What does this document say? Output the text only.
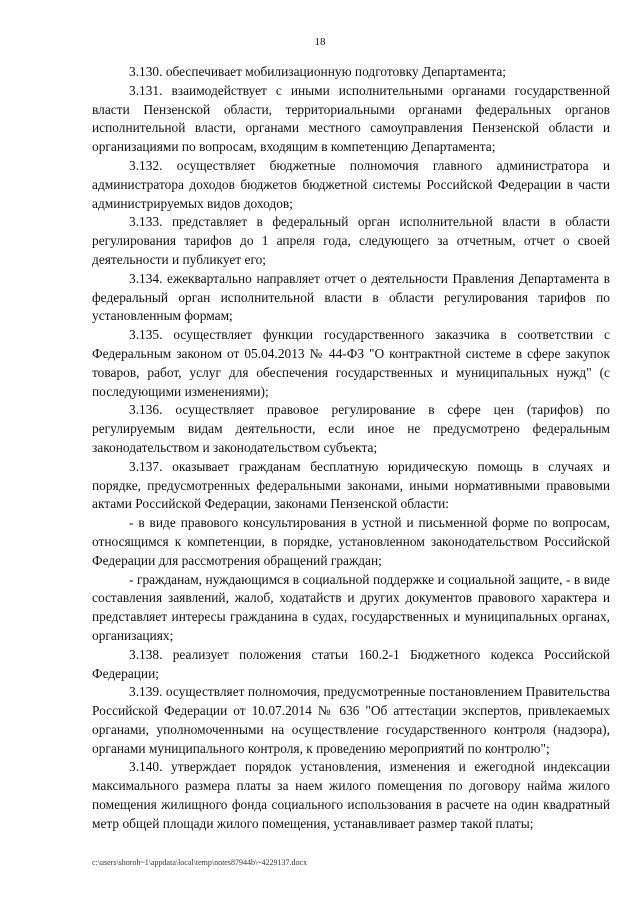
18

3.130. обеспечивает мобилизационную подготовку Департамента;

3.131. взаимодействует с иными исполнительными органами государственной власти Пензенской области, территориальными органами федеральных органов исполнительной власти, органами местного самоуправления Пензенской области и организациями по вопросам, входящим в компетенцию Департамента;

3.132. осуществляет бюджетные полномочия главного администратора и администратора доходов бюджетов бюджетной системы Российской Федерации в части администрируемых видов доходов;

3.133. представляет в федеральный орган исполнительной власти в области регулирования тарифов до 1 апреля года, следующего за отчетным, отчет о своей деятельности и публикует его;

3.134. ежеквартально направляет отчет о деятельности Правления Департамента в федеральный орган исполнительной власти в области регулирования тарифов по установленным формам;

3.135. осуществляет функции государственного заказчика в соответствии с Федеральным законом от 05.04.2013 № 44-ФЗ "О контрактной системе в сфере закупок товаров, работ, услуг для обеспечения государственных и муниципальных нужд" (с последующими изменениями);

3.136. осуществляет правовое регулирование в сфере цен (тарифов) по регулируемым видам деятельности, если иное не предусмотрено федеральным законодательством и законодательством субъекта;

3.137. оказывает гражданам бесплатную юридическую помощь в случаях и порядке, предусмотренных федеральными законами, иными нормативными правовыми актами Российской Федерации, законами Пензенской области:

- в виде правового консультирования в устной и письменной форме по вопросам, относящимся к компетенции, в порядке, установленном законодательством Российской Федерации для рассмотрения обращений граждан;

- гражданам, нуждающимся в социальной поддержке и социальной защите, - в виде составления заявлений, жалоб, ходатайств и других документов правового характера и представляет интересы гражданина в судах, государственных и муниципальных органах, организациях;

3.138. реализует положения статьи 160.2-1 Бюджетного кодекса Российской Федерации;

3.139. осуществляет полномочия, предусмотренные постановлением Правительства Российской Федерации от 10.07.2014 № 636 "Об аттестации экспертов, привлекаемых органами, уполномоченными на осуществление государственного контроля (надзора), органами муниципального контроля, к проведению мероприятий по контролю";

3.140. утверждает порядок установления, изменения и ежегодной индексации максимального размера платы за наем жилого помещения по договору найма жилого помещения жилищного фонда социального использования в расчете на один квадратный метр общей площади жилого помещения, устанавливает размер такой платы;

c:\users\shoroh~1\appdata\local\temp\notes87944b\~4229137.docx
